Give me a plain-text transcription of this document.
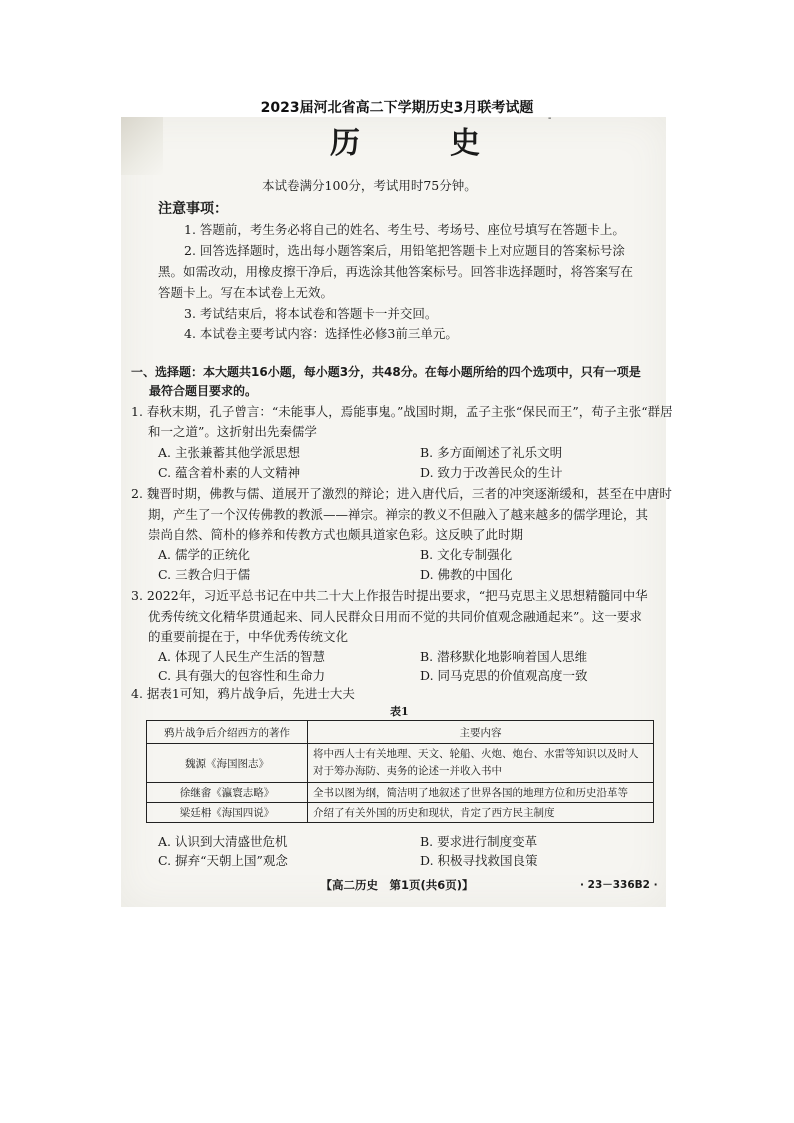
2023届河北省高二下学期历史3月联考试题
-
历　史
本试卷满分100分，考试用时75分钟。
注意事项：
1. 答题前，考生务必将自己的姓名、考生号、考场号、座位号填写在答题卡上。
2. 回答选择题时，选出每小题答案后，用铅笔把答题卡上对应题目的答案标号涂
黑。如需改动，用橡皮擦干净后，再选涂其他答案标号。回答非选择题时，将答案写在
答题卡上。写在本试卷上无效。
3. 考试结束后，将本试卷和答题卡一并交回。
4. 本试卷主要考试内容：选择性必修3前三单元。
一、选择题：本大题共16小题，每小题3分，共48分。在每小题所给的四个选项中，只有一项是
最符合题目要求的。
1. 春秋末期，孔子曾言：“未能事人，焉能事鬼。”战国时期，孟子主张“保民而王”，荀子主张“群居
和一之道”。这折射出先秦儒学
A. 主张兼蓄其他学派思想	B. 多方面阐述了礼乐文明
C. 蕴含着朴素的人文精神	D. 致力于改善民众的生计
2. 魏晋时期，佛教与儒、道展开了激烈的辩论；进入唐代后，三者的冲突逐渐缓和，甚至在中唐时
期，产生了一个汉传佛教的教派——禅宗。禅宗的教义不但融入了越来越多的儒学理论，其
崇尚自然、简朴的修养和传教方式也颇具道家色彩。这反映了此时期
A. 儒学的正统化	B. 文化专制强化
C. 三教合归于儒	D. 佛教的中国化
3. 2022年，习近平总书记在中共二十大上作报告时提出要求，“把马克思主义思想精髓同中华
优秀传统文化精华贯通起来、同人民群众日用而不觉的共同价值观念融通起来”。这一要求
的重要前提在于，中华优秀传统文化
A. 体现了人民生产生活的智慧	B. 潜移默化地影响着国人思维
C. 具有强大的包容性和生命力	D. 同马克思的价值观高度一致
4. 据表1可知，鸦片战争后，先进士大夫
表1
鸦片战争后介绍西方的著作	主要内容
魏源《海国图志》	将中西人士有关地理、天文、轮船、火炮、炮台、水雷等知识以及时人对于筹办海防、夷务的论述一并收入书中
徐继畬《瀛寰志略》	全书以图为纲，简洁明了地叙述了世界各国的地理方位和历史沿革等
梁廷枏《海国四说》	介绍了有关外国的历史和现状，肯定了西方民主制度
A. 认识到大清盛世危机	B. 要求进行制度变革
C. 摒弃“天朝上国”观念	D. 积极寻找救国良策
【高二历史　第1页(共6页)】	· 23－336B2 ·
